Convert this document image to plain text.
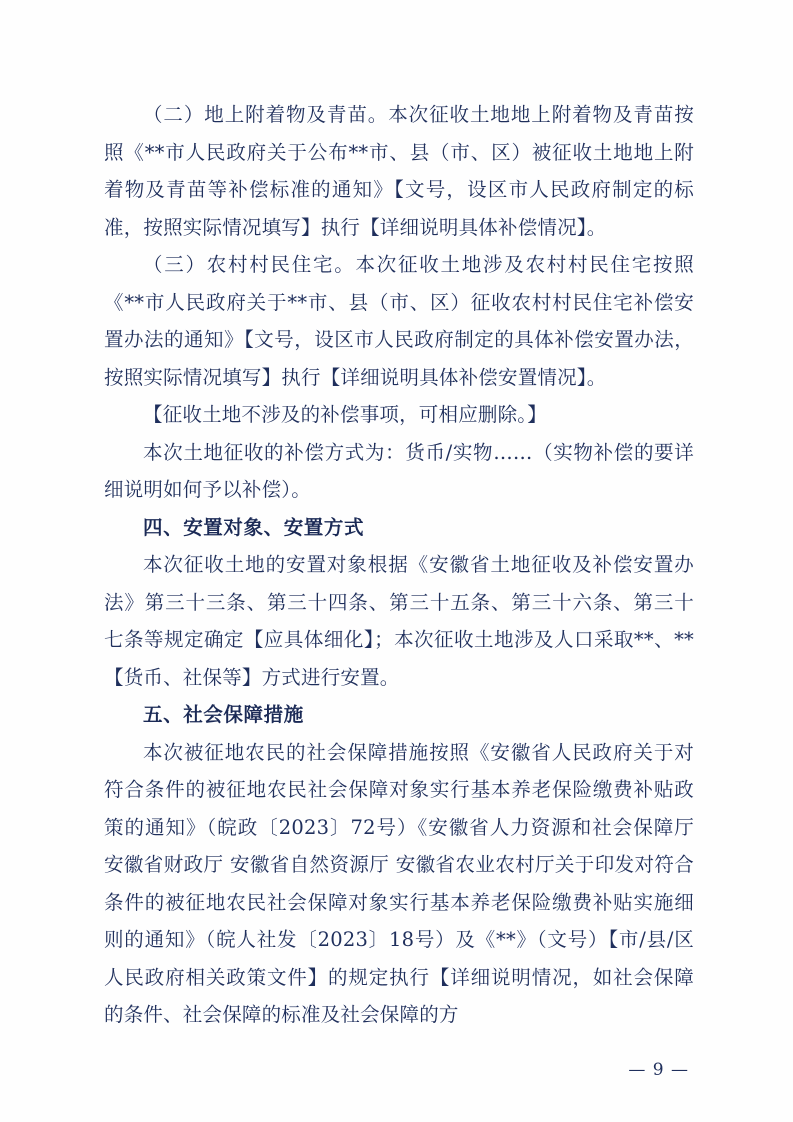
（二）地上附着物及青苗。本次征收土地地上附着物及青苗按照《**市人民政府关于公布**市、县（市、区）被征收土地地上附着物及青苗等补偿标准的通知》【文号，设区市人民政府制定的标准，按照实际情况填写】执行【详细说明具体补偿情况】。

（三）农村村民住宅。本次征收土地涉及农村村民住宅按照《**市人民政府关于**市、县（市、区）征收农村村民住宅补偿安置办法的通知》【文号，设区市人民政府制定的具体补偿安置办法，按照实际情况填写】执行【详细说明具体补偿安置情况】。

【征收土地不涉及的补偿事项，可相应删除。】

本次土地征收的补偿方式为：货币/实物……（实物补偿的要详细说明如何予以补偿）。

四、安置对象、安置方式

本次征收土地的安置对象根据《安徽省土地征收及补偿安置办法》第三十三条、第三十四条、第三十五条、第三十六条、第三十七条等规定确定【应具体细化】；本次征收土地涉及人口采取**、**【货币、社保等】方式进行安置。

五、社会保障措施

本次被征地农民的社会保障措施按照《安徽省人民政府关于对符合条件的被征地农民社会保障对象实行基本养老保险缴费补贴政策的通知》（皖政〔2023〕72号）《安徽省人力资源和社会保障厅 安徽省财政厅 安徽省自然资源厅 安徽省农业农村厅关于印发对符合条件的被征地农民社会保障对象实行基本养老保险缴费补贴实施细则的通知》（皖人社发〔2023〕18号）及《**》（文号）【市/县/区人民政府相关政策文件】的规定执行【详细说明情况，如社会保障的条件、社会保障的标准及社会保障的方

— 9 —
